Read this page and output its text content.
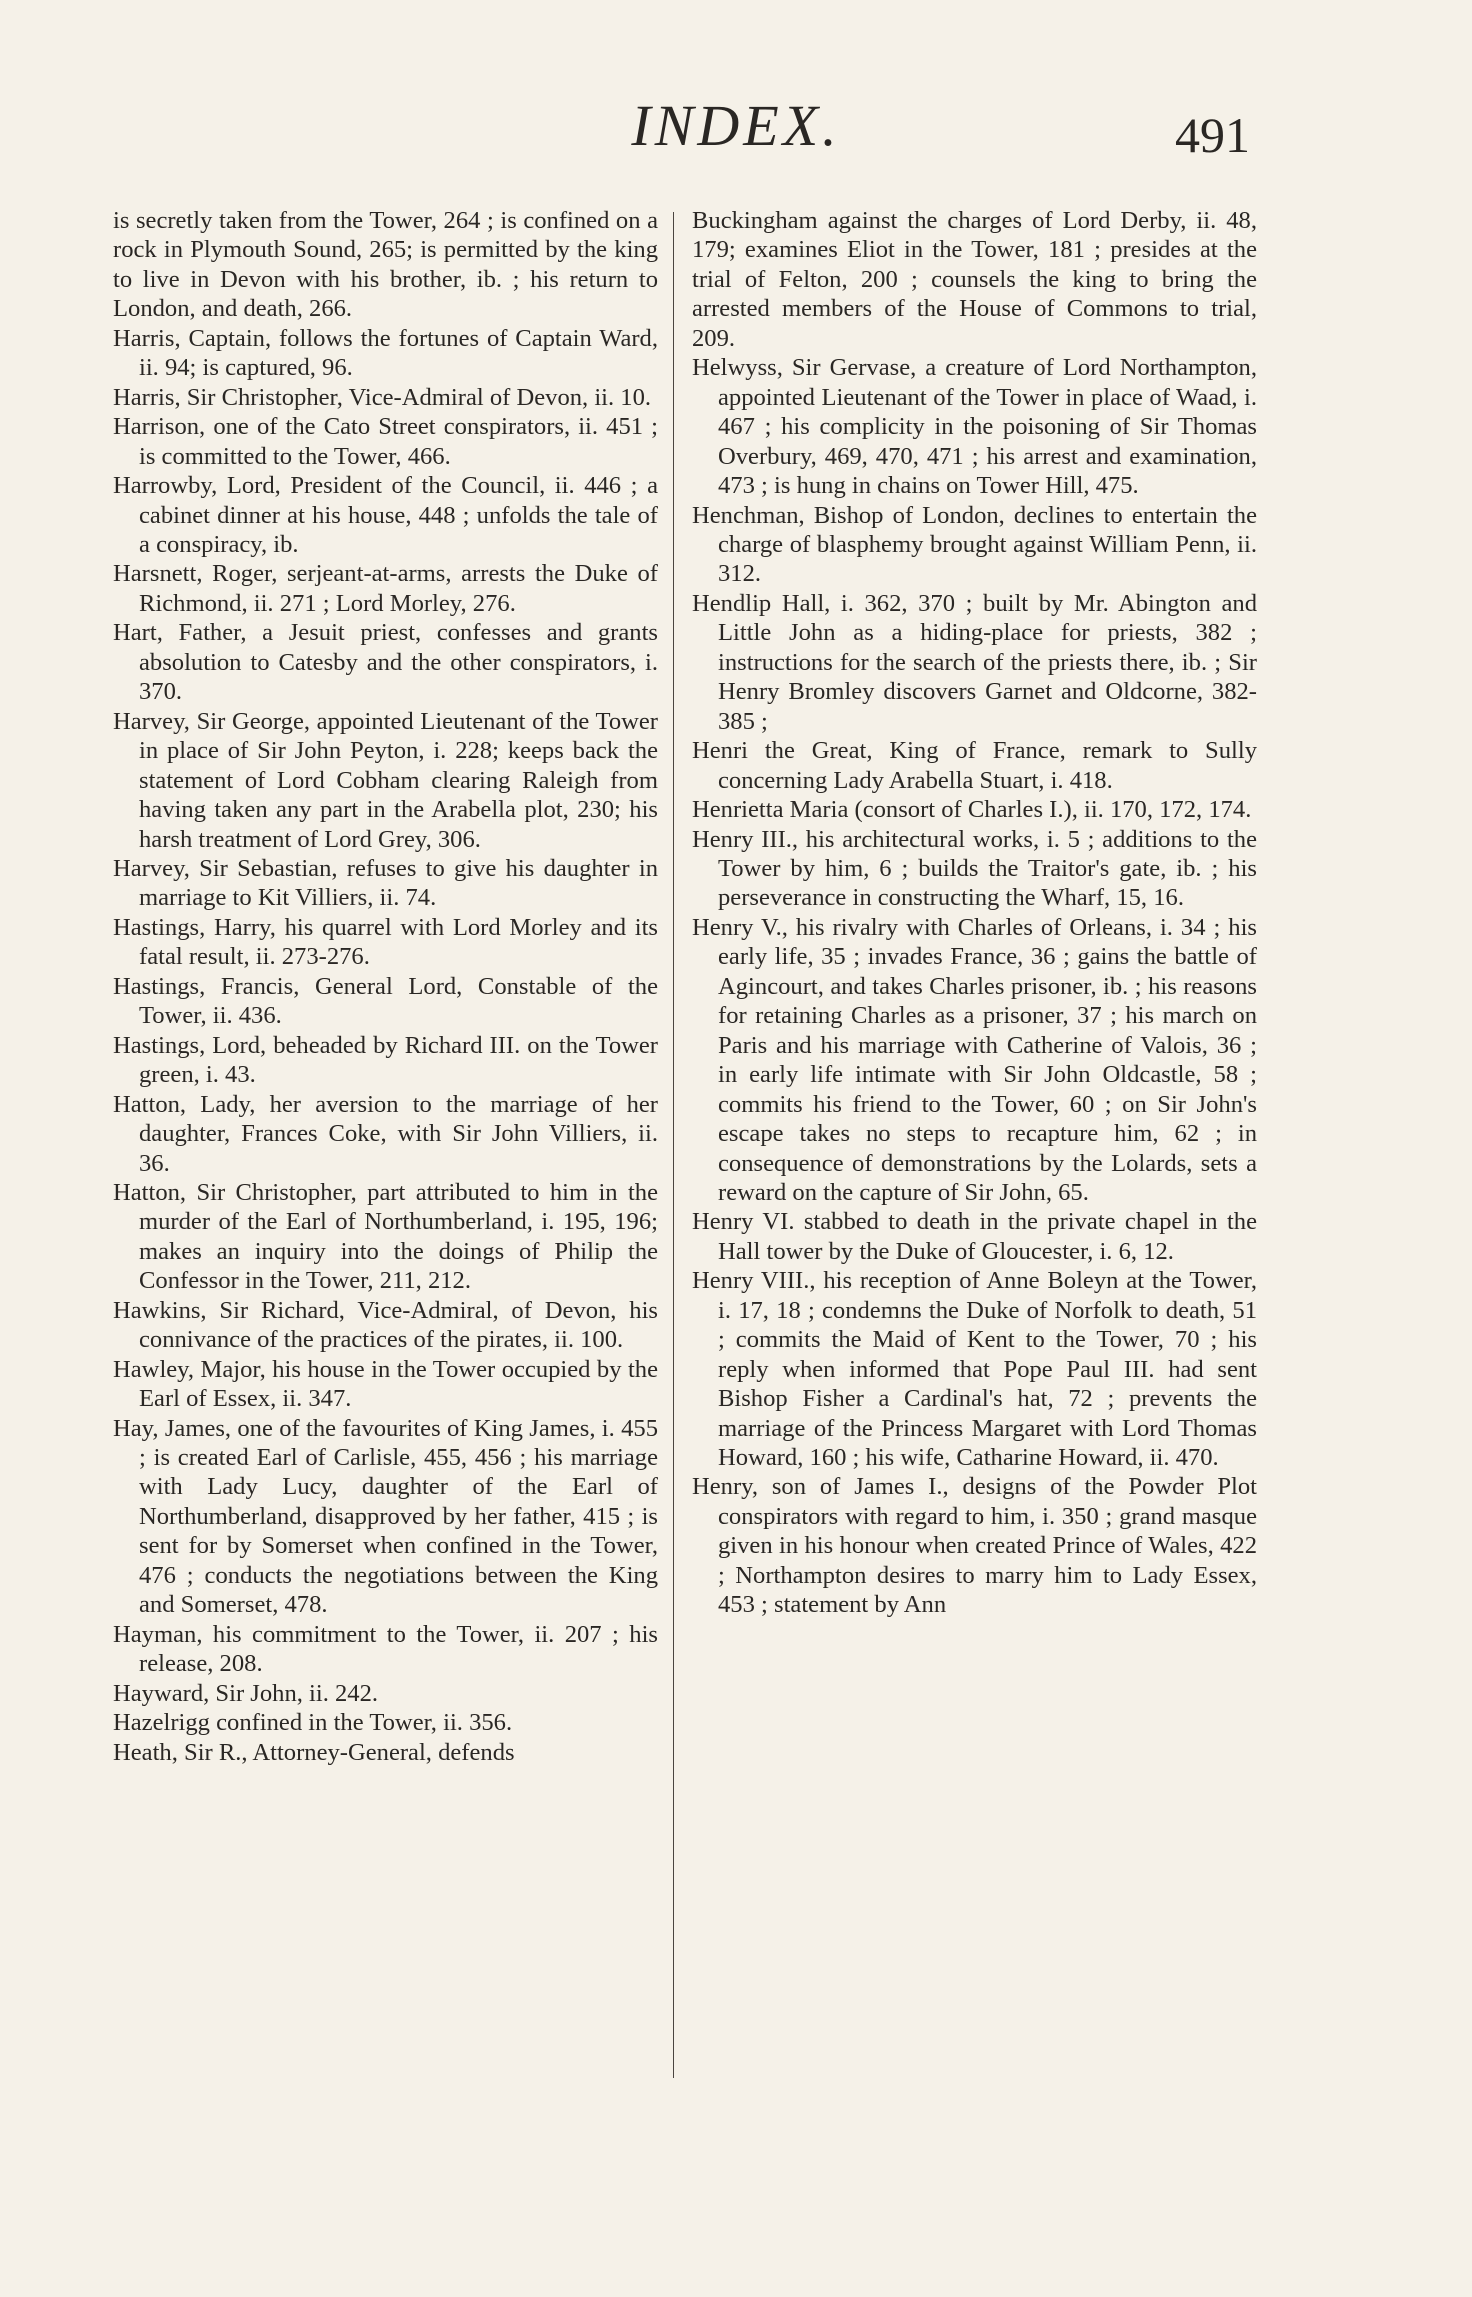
INDEX.	491

is secretly taken from the Tower, 264 ; is confined on a rock in Plymouth Sound, 265; is permitted by the king to live in Devon with his brother, ib. ; his return to London, and death, 266.

Harris, Captain, follows the fortunes of Captain Ward, ii. 94; is captured, 96.

Harris, Sir Christopher, Vice-Admiral of Devon, ii. 10.

Harrison, one of the Cato Street conspirators, ii. 451 ; is committed to the Tower, 466.

Harrowby, Lord, President of the Council, ii. 446 ; a cabinet dinner at his house, 448 ; unfolds the tale of a conspiracy, ib.

Harsnett, Roger, serjeant-at-arms, arrests the Duke of Richmond, ii. 271 ; Lord Morley, 276.

Hart, Father, a Jesuit priest, confesses and grants absolution to Catesby and the other conspirators, i. 370.

Harvey, Sir George, appointed Lieutenant of the Tower in place of Sir John Peyton, i. 228; keeps back the statement of Lord Cobham clearing Raleigh from having taken any part in the Arabella plot, 230; his harsh treatment of Lord Grey, 306.

Harvey, Sir Sebastian, refuses to give his daughter in marriage to Kit Villiers, ii. 74.

Hastings, Harry, his quarrel with Lord Morley and its fatal result, ii. 273-276.

Hastings, Francis, General Lord, Constable of the Tower, ii. 436.

Hastings, Lord, beheaded by Richard III. on the Tower green, i. 43.

Hatton, Lady, her aversion to the marriage of her daughter, Frances Coke, with Sir John Villiers, ii. 36.

Hatton, Sir Christopher, part attributed to him in the murder of the Earl of Northumberland, i. 195, 196; makes an inquiry into the doings of Philip the Confessor in the Tower, 211, 212.

Hawkins, Sir Richard, Vice-Admiral, of Devon, his connivance of the practices of the pirates, ii. 100.

Hawley, Major, his house in the Tower occupied by the Earl of Essex, ii. 347.

Hay, James, one of the favourites of King James, i. 455 ; is created Earl of Carlisle, 455, 456 ; his marriage with Lady Lucy, daughter of the Earl of Northumberland, disapproved by her father, 415 ; is sent for by Somerset when confined in the Tower, 476 ; conducts the negotiations between the King and Somerset, 478.

Hayman, his commitment to the Tower, ii. 207 ; his release, 208.

Hayward, Sir John, ii. 242.

Hazelrigg confined in the Tower, ii. 356.

Heath, Sir R., Attorney-General, defends

Buckingham against the charges of Lord Derby, ii. 48, 179; examines Eliot in the Tower, 181 ; presides at the trial of Felton, 200 ; counsels the king to bring the arrested members of the House of Commons to trial, 209.

Helwyss, Sir Gervase, a creature of Lord Northampton, appointed Lieutenant of the Tower in place of Waad, i. 467 ; his complicity in the poisoning of Sir Thomas Overbury, 469, 470, 471 ; his arrest and examination, 473 ; is hung in chains on Tower Hill, 475.

Henchman, Bishop of London, declines to entertain the charge of blasphemy brought against William Penn, ii. 312.

Hendlip Hall, i. 362, 370 ; built by Mr. Abington and Little John as a hiding-place for priests, 382 ; instructions for the search of the priests there, ib. ; Sir Henry Bromley discovers Garnet and Oldcorne, 382-385 ;

Henri the Great, King of France, remark to Sully concerning Lady Arabella Stuart, i. 418.

Henrietta Maria (consort of Charles I.), ii. 170, 172, 174.

Henry III., his architectural works, i. 5 ; additions to the Tower by him, 6 ; builds the Traitor's gate, ib. ; his perseverance in constructing the Wharf, 15, 16.

Henry V., his rivalry with Charles of Orleans, i. 34 ; his early life, 35 ; invades France, 36 ; gains the battle of Agincourt, and takes Charles prisoner, ib. ; his reasons for retaining Charles as a prisoner, 37 ; his march on Paris and his marriage with Catherine of Valois, 36 ; in early life intimate with Sir John Oldcastle, 58 ; commits his friend to the Tower, 60 ; on Sir John's escape takes no steps to recapture him, 62 ; in consequence of demonstrations by the Lolards, sets a reward on the capture of Sir John, 65.

Henry VI. stabbed to death in the private chapel in the Hall tower by the Duke of Gloucester, i. 6, 12.

Henry VIII., his reception of Anne Boleyn at the Tower, i. 17, 18 ; condemns the Duke of Norfolk to death, 51 ; commits the Maid of Kent to the Tower, 70 ; his reply when informed that Pope Paul III. had sent Bishop Fisher a Cardinal's hat, 72 ; prevents the marriage of the Princess Margaret with Lord Thomas Howard, 160 ; his wife, Catharine Howard, ii. 470.

Henry, son of James I., designs of the Powder Plot conspirators with regard to him, i. 350 ; grand masque given in his honour when created Prince of Wales, 422 ; Northampton desires to marry him to Lady Essex, 453 ; statement by Ann
